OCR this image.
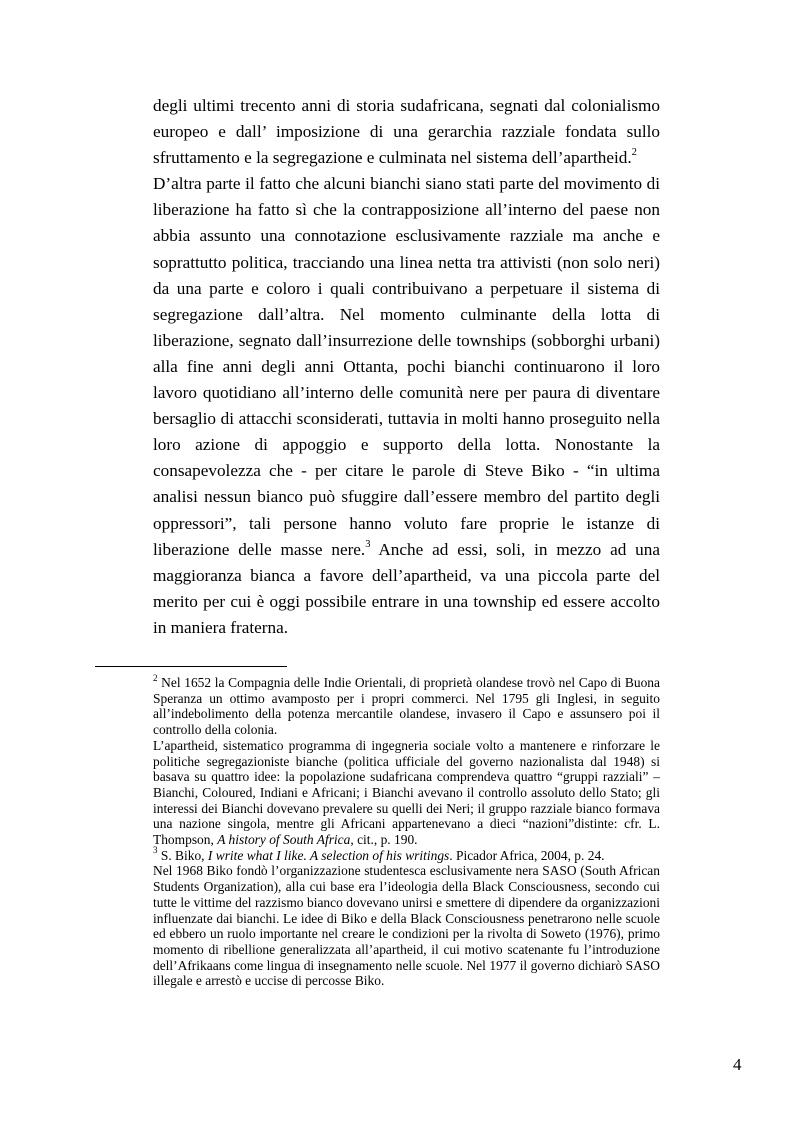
degli ultimi trecento anni di storia sudafricana, segnati dal colonialismo europeo e dall’ imposizione di una gerarchia razziale fondata sullo sfruttamento e la segregazione e culminata nel sistema dell’apartheid.$^2$

D’altra parte il fatto che alcuni bianchi siano stati parte del movimento di liberazione ha fatto sì che la contrapposizione all’interno del paese non abbia assunto una connotazione esclusivamente razziale ma anche e soprattutto politica, tracciando una linea netta tra attivisti (non solo neri) da una parte e coloro i quali contribuivano a perpetuare il sistema di segregazione dall’altra. Nel momento culminante della lotta di liberazione, segnato dall’insurrezione delle townships (sobborghi urbani) alla fine anni degli anni Ottanta, pochi bianchi continuarono il loro lavoro quotidiano all’interno delle comunità nere per paura di diventare bersaglio di attacchi sconsiderati, tuttavia in molti hanno proseguito nella loro azione di appoggio e supporto della lotta. Nonostante la consapevolezza che - per citare le parole di Steve Biko - “in ultima analisi nessun bianco può sfuggire dall’essere membro del partito degli oppressori”, tali persone hanno voluto fare proprie le istanze di liberazione delle masse nere.$^3$ Anche ad essi, soli, in mezzo ad una maggioranza bianca a favore dell’apartheid, va una piccola parte del merito per cui è oggi possibile entrare in una township ed essere accolto in maniera fraterna.

$^2$ Nel 1652 la Compagnia delle Indie Orientali, di proprietà olandese trovò nel Capo di Buona Speranza un ottimo avamposto per i propri commerci. Nel 1795 gli Inglesi, in seguito all’indebolimento della potenza mercantile olandese, invasero il Capo e assunsero poi il controllo della colonia.

L’apartheid, sistematico programma di ingegneria sociale volto a mantenere e rinforzare le politiche segregazioniste bianche (politica ufficiale del governo nazionalista dal 1948) si basava su quattro idee: la popolazione sudafricana comprendeva quattro “gruppi razziali” – Bianchi, Coloured, Indiani e Africani; i Bianchi avevano il controllo assoluto dello Stato; gli interessi dei Bianchi dovevano prevalere su quelli dei Neri; il gruppo razziale bianco formava una nazione singola, mentre gli Africani appartenevano a dieci “nazioni”distinte: cfr. L. Thompson, A history of South Africa, cit., p. 190.

$^3$ S. Biko, I write what I like. A selection of his writings. Picador Africa, 2004, p. 24.

Nel 1968 Biko fondò l’organizzazione studentesca esclusivamente nera SASO (South African Students Organization), alla cui base era l’ideologia della Black Consciousness, secondo cui tutte le vittime del razzismo bianco dovevano unirsi e smettere di dipendere da organizzazioni influenzate dai bianchi. Le idee di Biko e della Black Consciousness penetrarono nelle scuole ed ebbero un ruolo importante nel creare le condizioni per la rivolta di Soweto (1976), primo momento di ribellione generalizzata all’apartheid, il cui motivo scatenante fu l’introduzione dell’Afrikaans come lingua di insegnamento nelle scuole. Nel 1977 il governo dichiarò SASO illegale e arrestò e uccise di percosse Biko.

4
